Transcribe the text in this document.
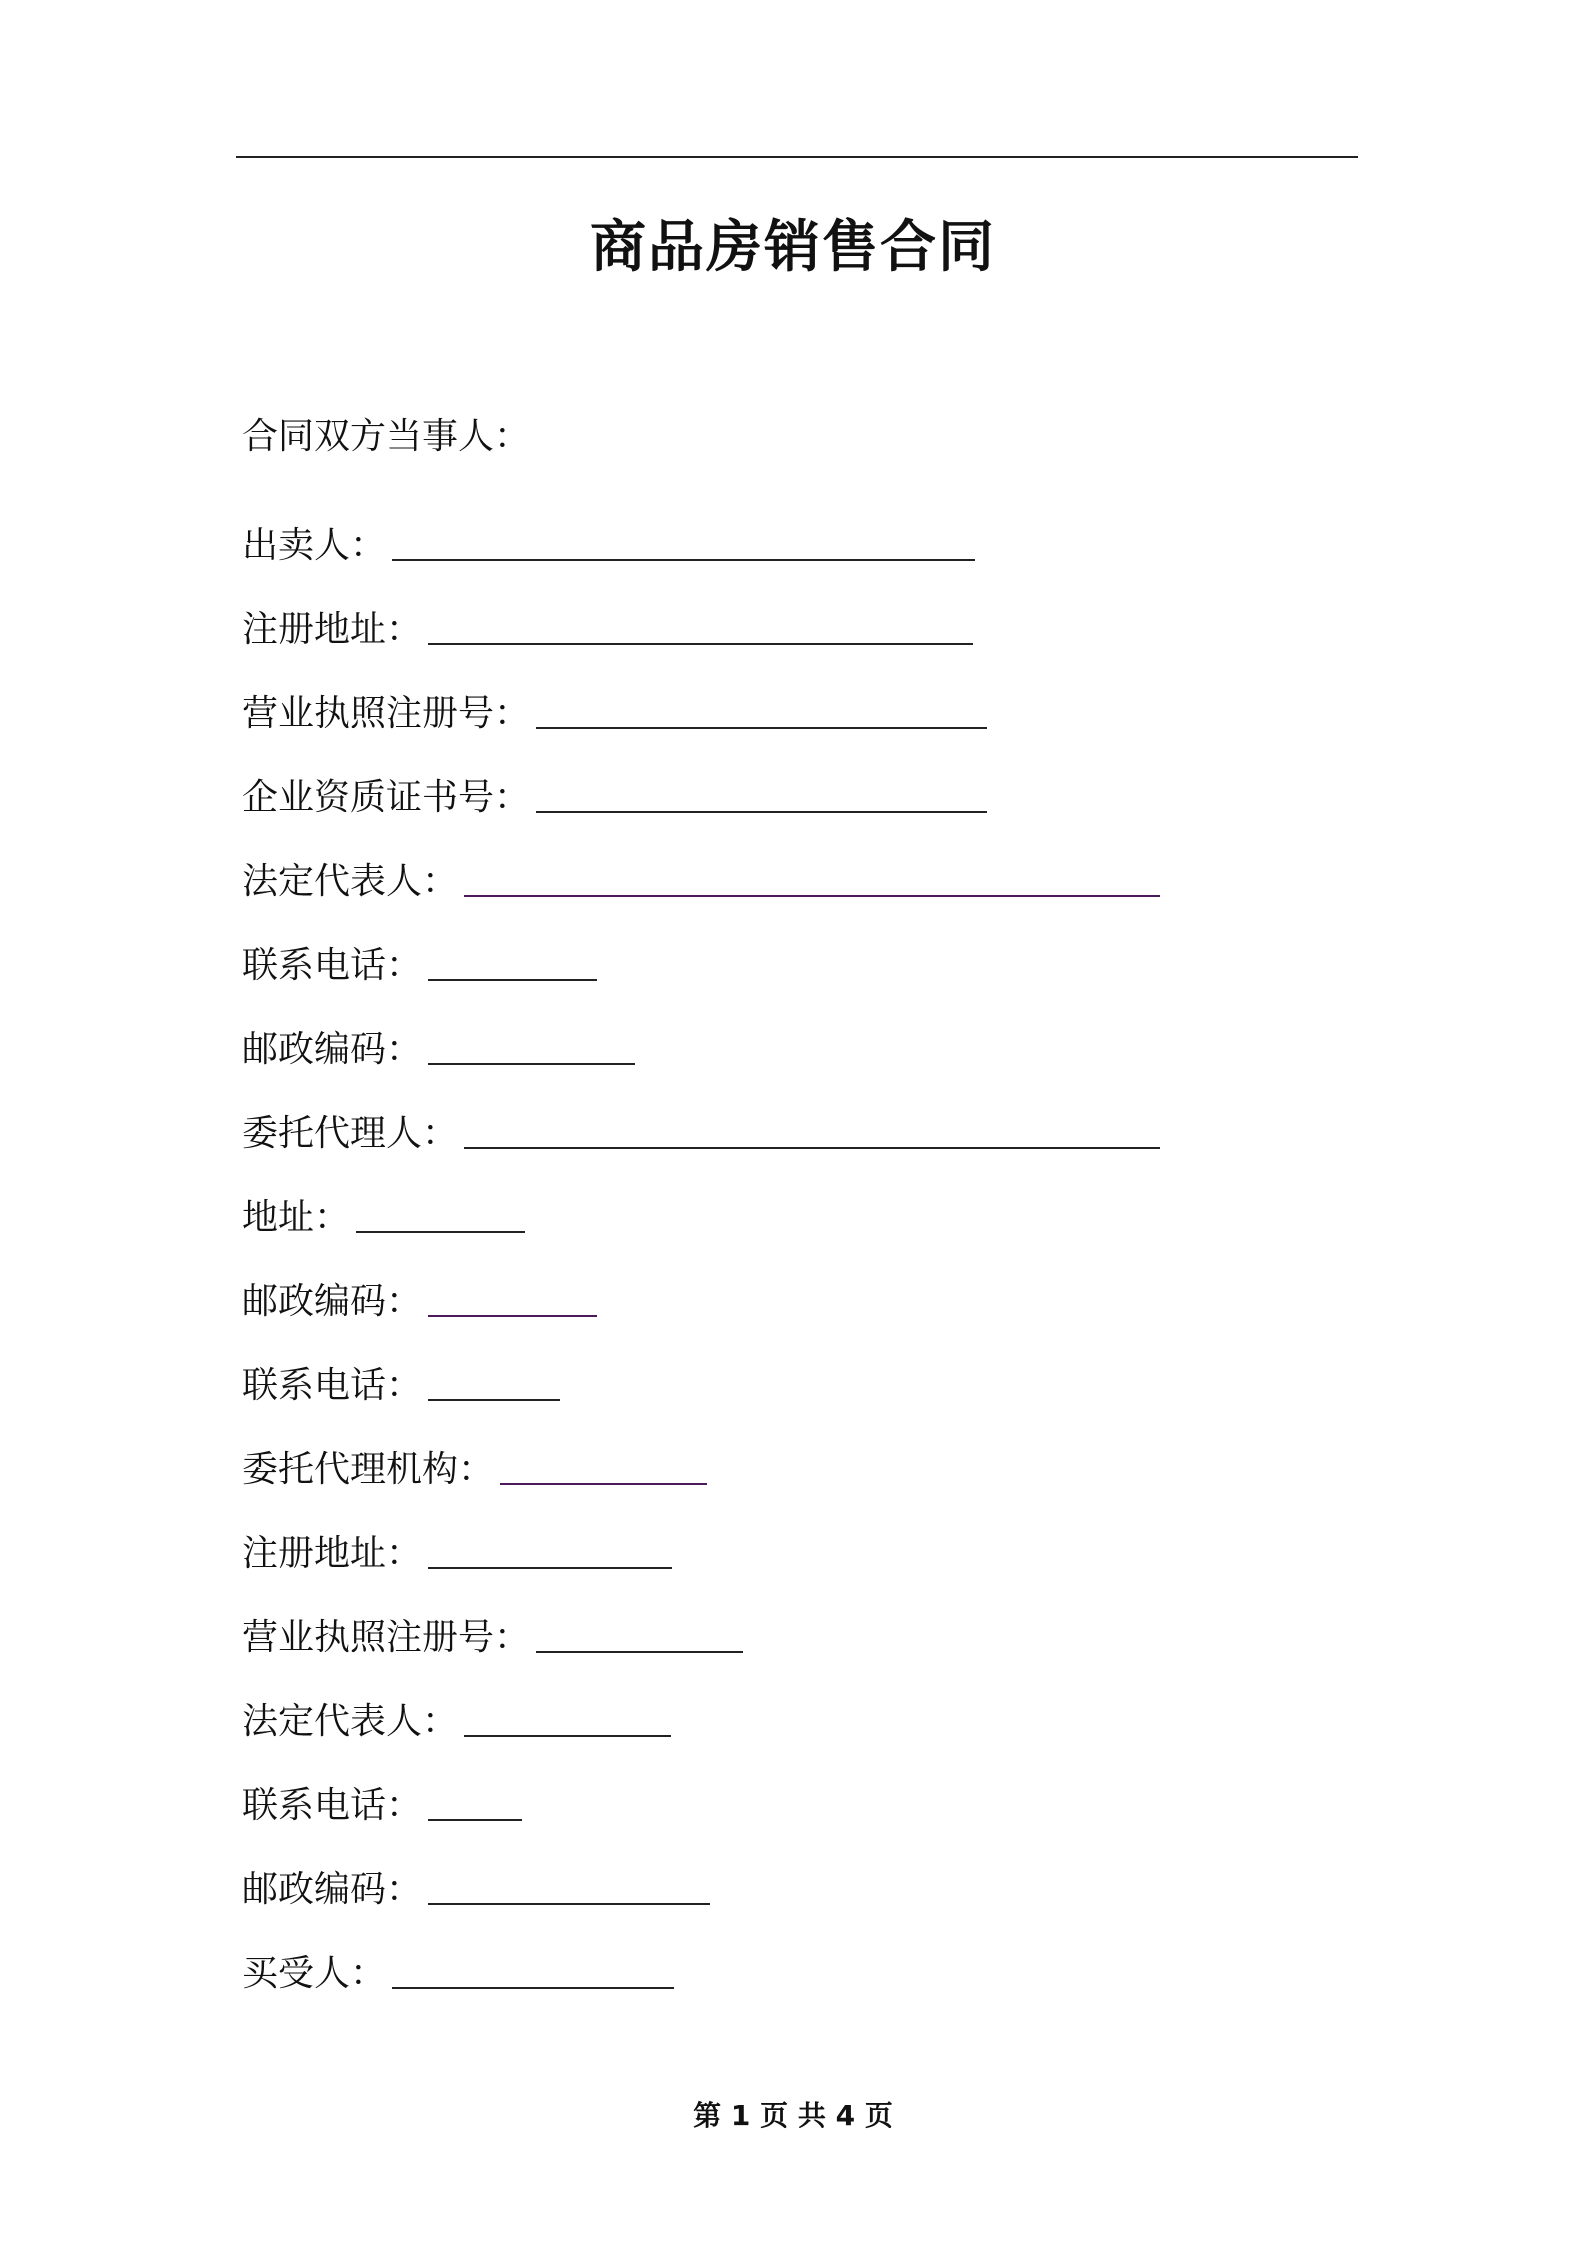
商品房销售合同
合同双方当事人：
出卖人：
注册地址：
营业执照注册号：
企业资质证书号：
法定代表人：
联系电话：
邮政编码：
委托代理人：
地址：
邮政编码：
联系电话：
委托代理机构：
注册地址：
营业执照注册号：
法定代表人：
联系电话：
邮政编码：
买受人：
第 1 页 共 4 页
